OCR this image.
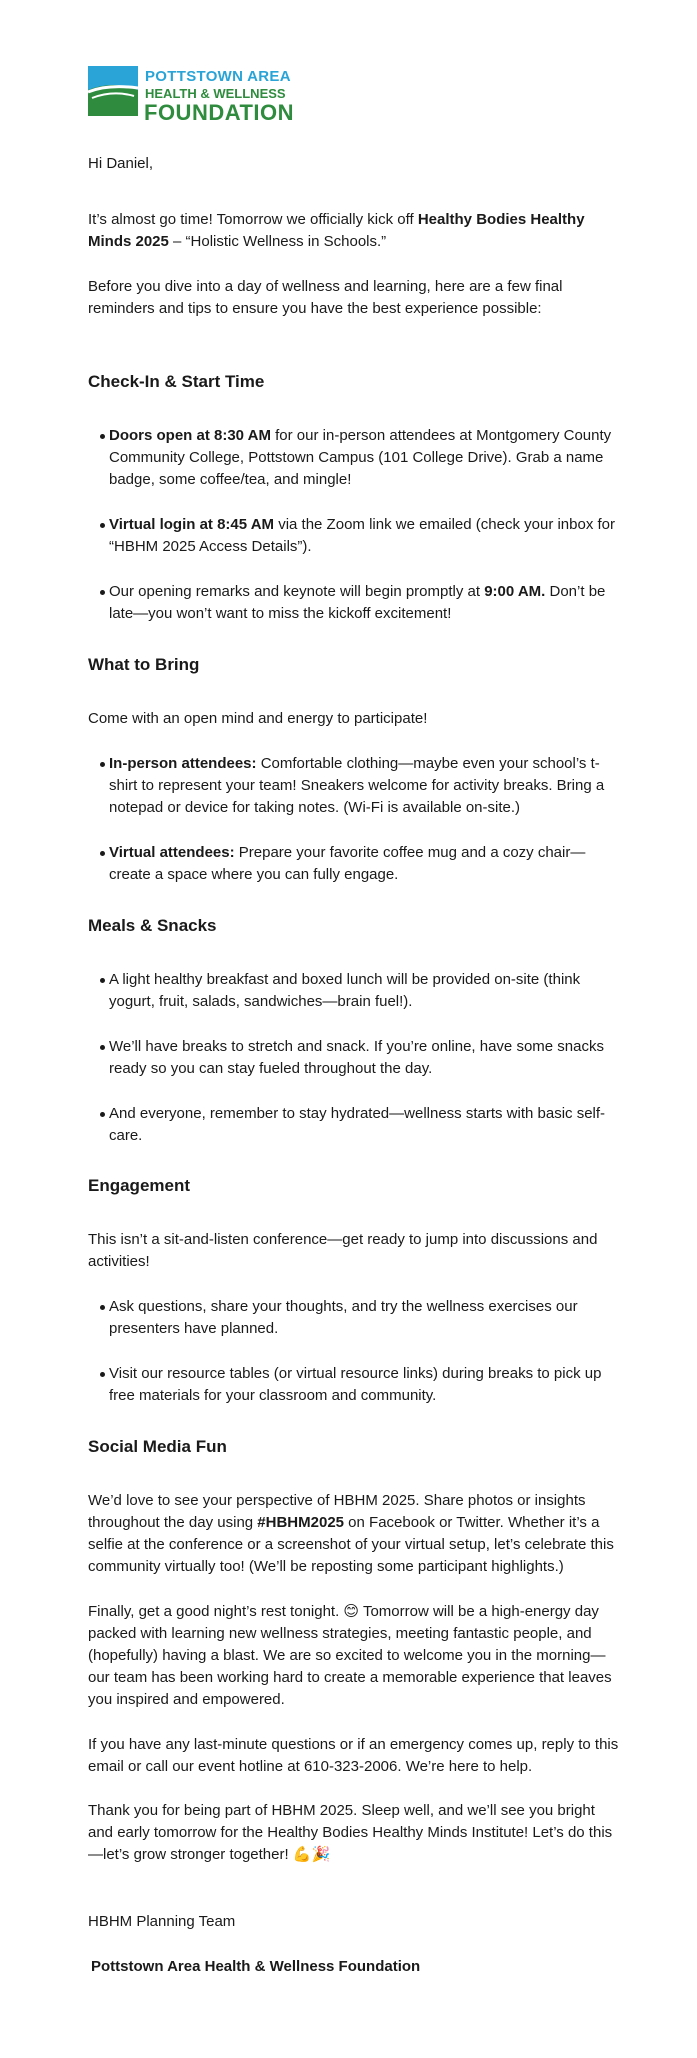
POTTSTOWN AREA
HEALTH & WELLNESS
FOUNDATION

Hi Daniel,

It’s almost go time! Tomorrow we officially kick off Healthy Bodies Healthy Minds 2025 – “Holistic Wellness in Schools.”

Before you dive into a day of wellness and learning, here are a few final reminders and tips to ensure you have the best experience possible:

Check-In & Start Time
Doors open at 8:30 AM for our in-person attendees at Montgomery County Community College, Pottstown Campus (101 College Drive). Grab a name badge, some coffee/tea, and mingle!
Virtual login at 8:45 AM via the Zoom link we emailed (check your inbox for “HBHM 2025 Access Details”).
Our opening remarks and keynote will begin promptly at 9:00 AM. Don’t be late—you won’t want to miss the kickoff excitement!
What to Bring

Come with an open mind and energy to participate!

In-person attendees: Comfortable clothing—maybe even your school’s t-shirt to represent your team! Sneakers welcome for activity breaks. Bring a notepad or device for taking notes. (Wi-Fi is available on-site.)
Virtual attendees: Prepare your favorite coffee mug and a cozy chair—create a space where you can fully engage.
Meals & Snacks
A light healthy breakfast and boxed lunch will be provided on-site (think yogurt, fruit, salads, sandwiches—brain fuel!).
We’ll have breaks to stretch and snack. If you’re online, have some snacks ready so you can stay fueled throughout the day.
And everyone, remember to stay hydrated—wellness starts with basic self-care.
Engagement

This isn’t a sit-and-listen conference—get ready to jump into discussions and activities!

Ask questions, share your thoughts, and try the wellness exercises our presenters have planned.
Visit our resource tables (or virtual resource links) during breaks to pick up free materials for your classroom and community.
Social Media Fun

We’d love to see your perspective of HBHM 2025. Share photos or insights throughout the day using #HBHM2025 on Facebook or Twitter. Whether it’s a selfie at the conference or a screenshot of your virtual setup, let’s celebrate this community virtually too! (We’ll be reposting some participant highlights.)

Finally, get a good night’s rest tonight. 😊 Tomorrow will be a high-energy day packed with learning new wellness strategies, meeting fantastic people, and (hopefully) having a blast. We are so excited to welcome you in the morning—our team has been working hard to create a memorable experience that leaves you inspired and empowered.

If you have any last-minute questions or if an emergency comes up, reply to this email or call our event hotline at 610-323-2006. We’re here to help.

Thank you for being part of HBHM 2025. Sleep well, and we’ll see you bright and early tomorrow for the Healthy Bodies Healthy Minds Institute! Let’s do this—let’s grow stronger together! 💪🎉

HBHM Planning Team

Pottstown Area Health & Wellness Foundation
